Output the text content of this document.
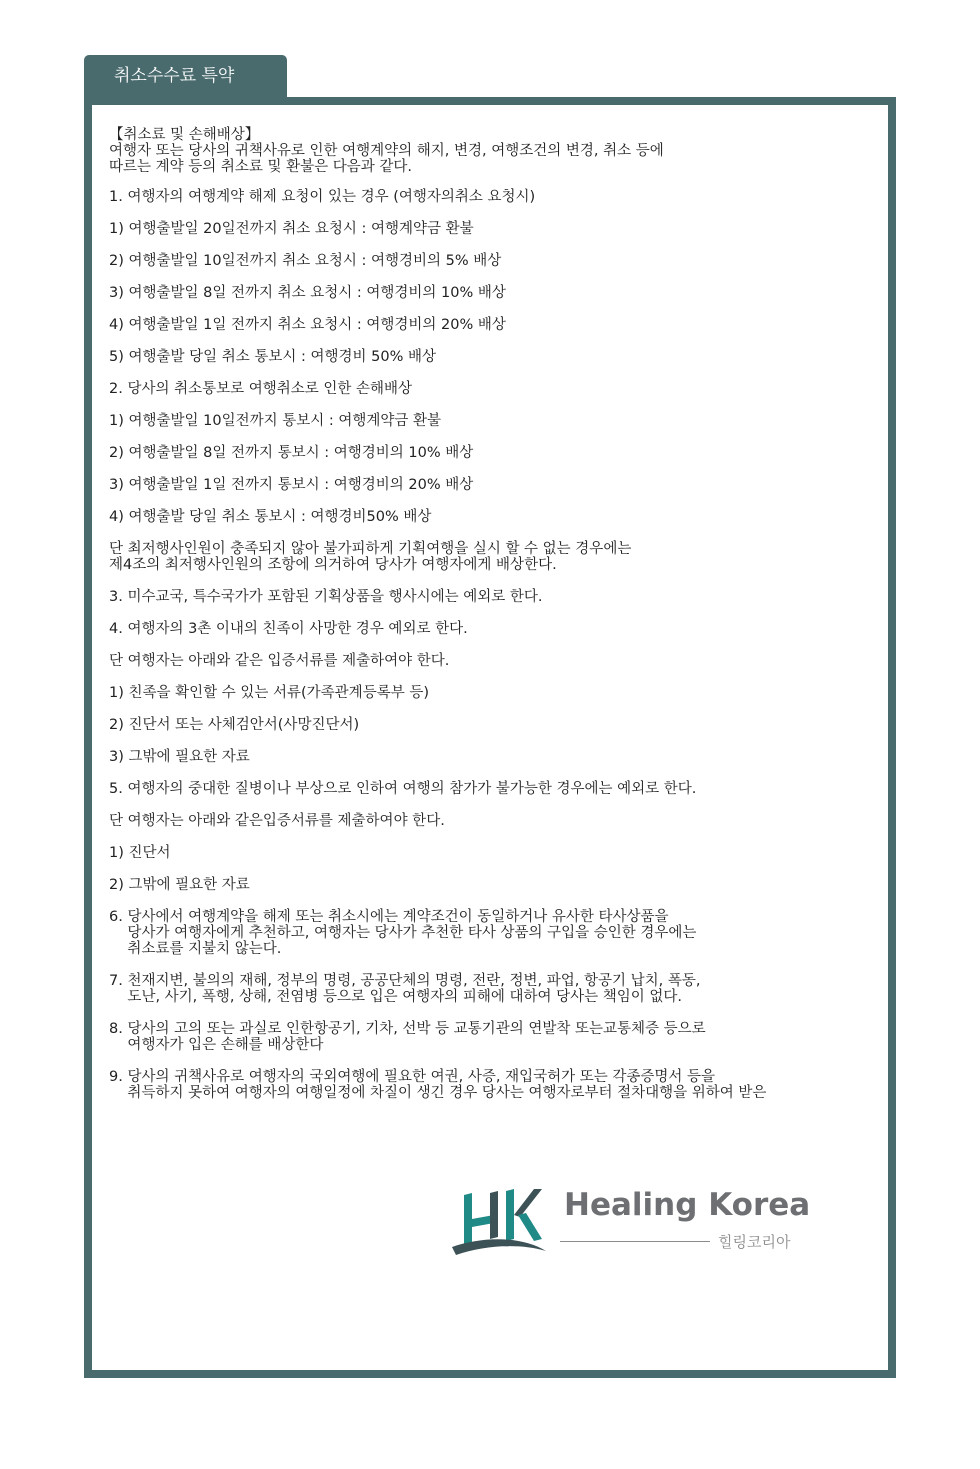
취소수수료 특약

【취소료 및 손해배상】

여행자 또는 당사의 귀책사유로 인한 여행계약의 해지, 변경, 여행조건의 변경, 취소 등에

따르는 계약 등의 취소료 및 환불은 다음과 같다.

1. 여행자의 여행계약 해제 요청이 있는 경우 (여행자의취소 요청시)

1) 여행출발일 20일전까지 취소 요청시 : 여행계약금 환불

2) 여행출발일 10일전까지 취소 요청시 : 여행경비의 5% 배상

3) 여행출발일 8일 전까지 취소 요청시 : 여행경비의 10% 배상

4) 여행출발일 1일 전까지 취소 요청시 : 여행경비의 20% 배상

5) 여행출발 당일 취소 통보시 : 여행경비 50% 배상

2. 당사의 취소통보로 여행취소로 인한 손해배상

1) 여행출발일 10일전까지 통보시 : 여행계약금 환불

2) 여행출발일 8일 전까지 통보시 : 여행경비의 10% 배상

3) 여행출발일 1일 전까지 통보시 : 여행경비의 20% 배상

4) 여행출발 당일 취소 통보시 : 여행경비50% 배상

단 최저행사인원이 충족되지 않아 불가피하게 기획여행을 실시 할 수 없는 경우에는

제4조의 최저행사인원의 조항에 의거하여 당사가 여행자에게 배상한다.

3. 미수교국, 특수국가가 포함된 기획상품을 행사시에는 예외로 한다.

4. 여행자의 3촌 이내의 친족이 사망한 경우 예외로 한다.

단 여행자는 아래와 같은 입증서류를 제출하여야 한다.

1) 친족을 확인할 수 있는 서류(가족관계등록부 등)

2) 진단서 또는 사체검안서(사망진단서)

3) 그밖에 필요한 자료

5. 여행자의 중대한 질병이나 부상으로 인하여 여행의 참가가 불가능한 경우에는 예외로 한다.

단 여행자는 아래와 같은입증서류를 제출하여야 한다.

1) 진단서

2) 그밖에 필요한 자료

6. 당사에서 여행계약을 해제 또는 취소시에는 계약조건이 동일하거나 유사한 타사상품을

당사가 여행자에게 추천하고, 여행자는 당사가 추천한 타사 상품의 구입을 승인한 경우에는

취소료를 지불치 않는다.

7. 천재지변, 불의의 재해, 정부의 명령, 공공단체의 명령, 전란, 정변, 파업, 항공기 납치, 폭동,

도난, 사기, 폭행, 상해, 전염병 등으로 입은 여행자의 피해에 대하여 당사는 책임이 없다.

8. 당사의 고의 또는 과실로 인한항공기, 기차, 선박 등 교통기관의 연발착 또는교통체증 등으로

여행자가 입은 손해를 배상한다

9. 당사의 귀책사유로 여행자의 국외여행에 필요한 여권, 사증, 재입국허가 또는 각종증명서 등을

취득하지 못하여 여행자의 여행일정에 차질이 생긴 경우 당사는 여행자로부터 절차대행을 위하여 받은

Healing Korea
힐링코리아
